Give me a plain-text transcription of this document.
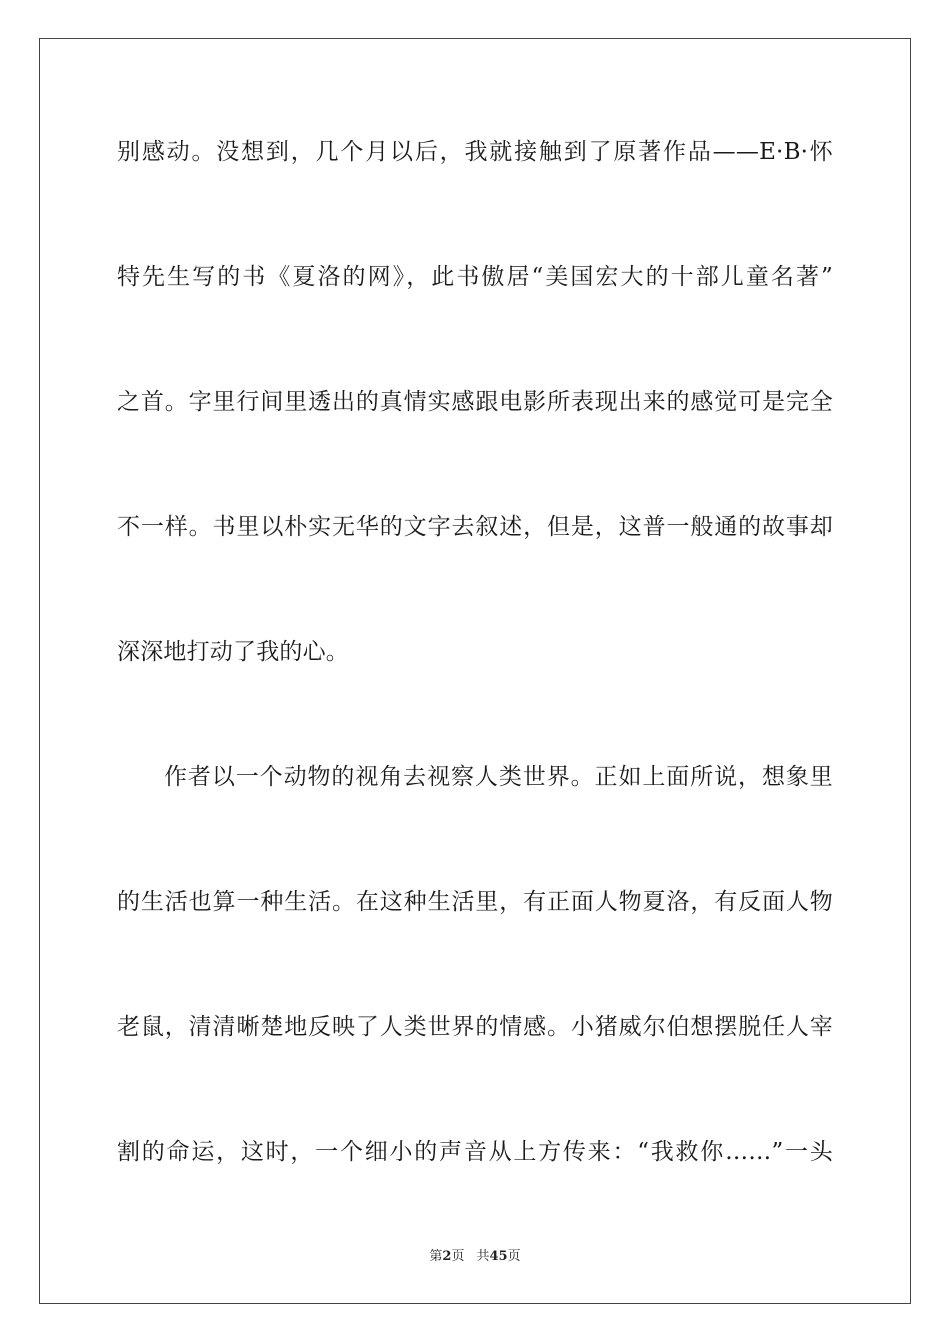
别感动。没想到，几个月以后，我就接触到了原著作品——E·B·怀
特先生写的书《夏洛的网》，此书傲居“美国宏大的十部儿童名著”
之首。字里行间里透出的真情实感跟电影所表现出来的感觉可是完全
不一样。书里以朴实无华的文字去叙述，但是，这普一般通的故事却
深深地打动了我的心。
作者以一个动物的视角去视察人类世界。正如上面所说，想象里
的生活也算一种生活。在这种生活里，有正面人物夏洛，有反面人物
老鼠，清清晰楚地反映了人类世界的情感。小猪威尔伯想摆脱任人宰
割的命运，这时，一个细小的声音从上方传来：“我救你……”一头
第2页 共45页
